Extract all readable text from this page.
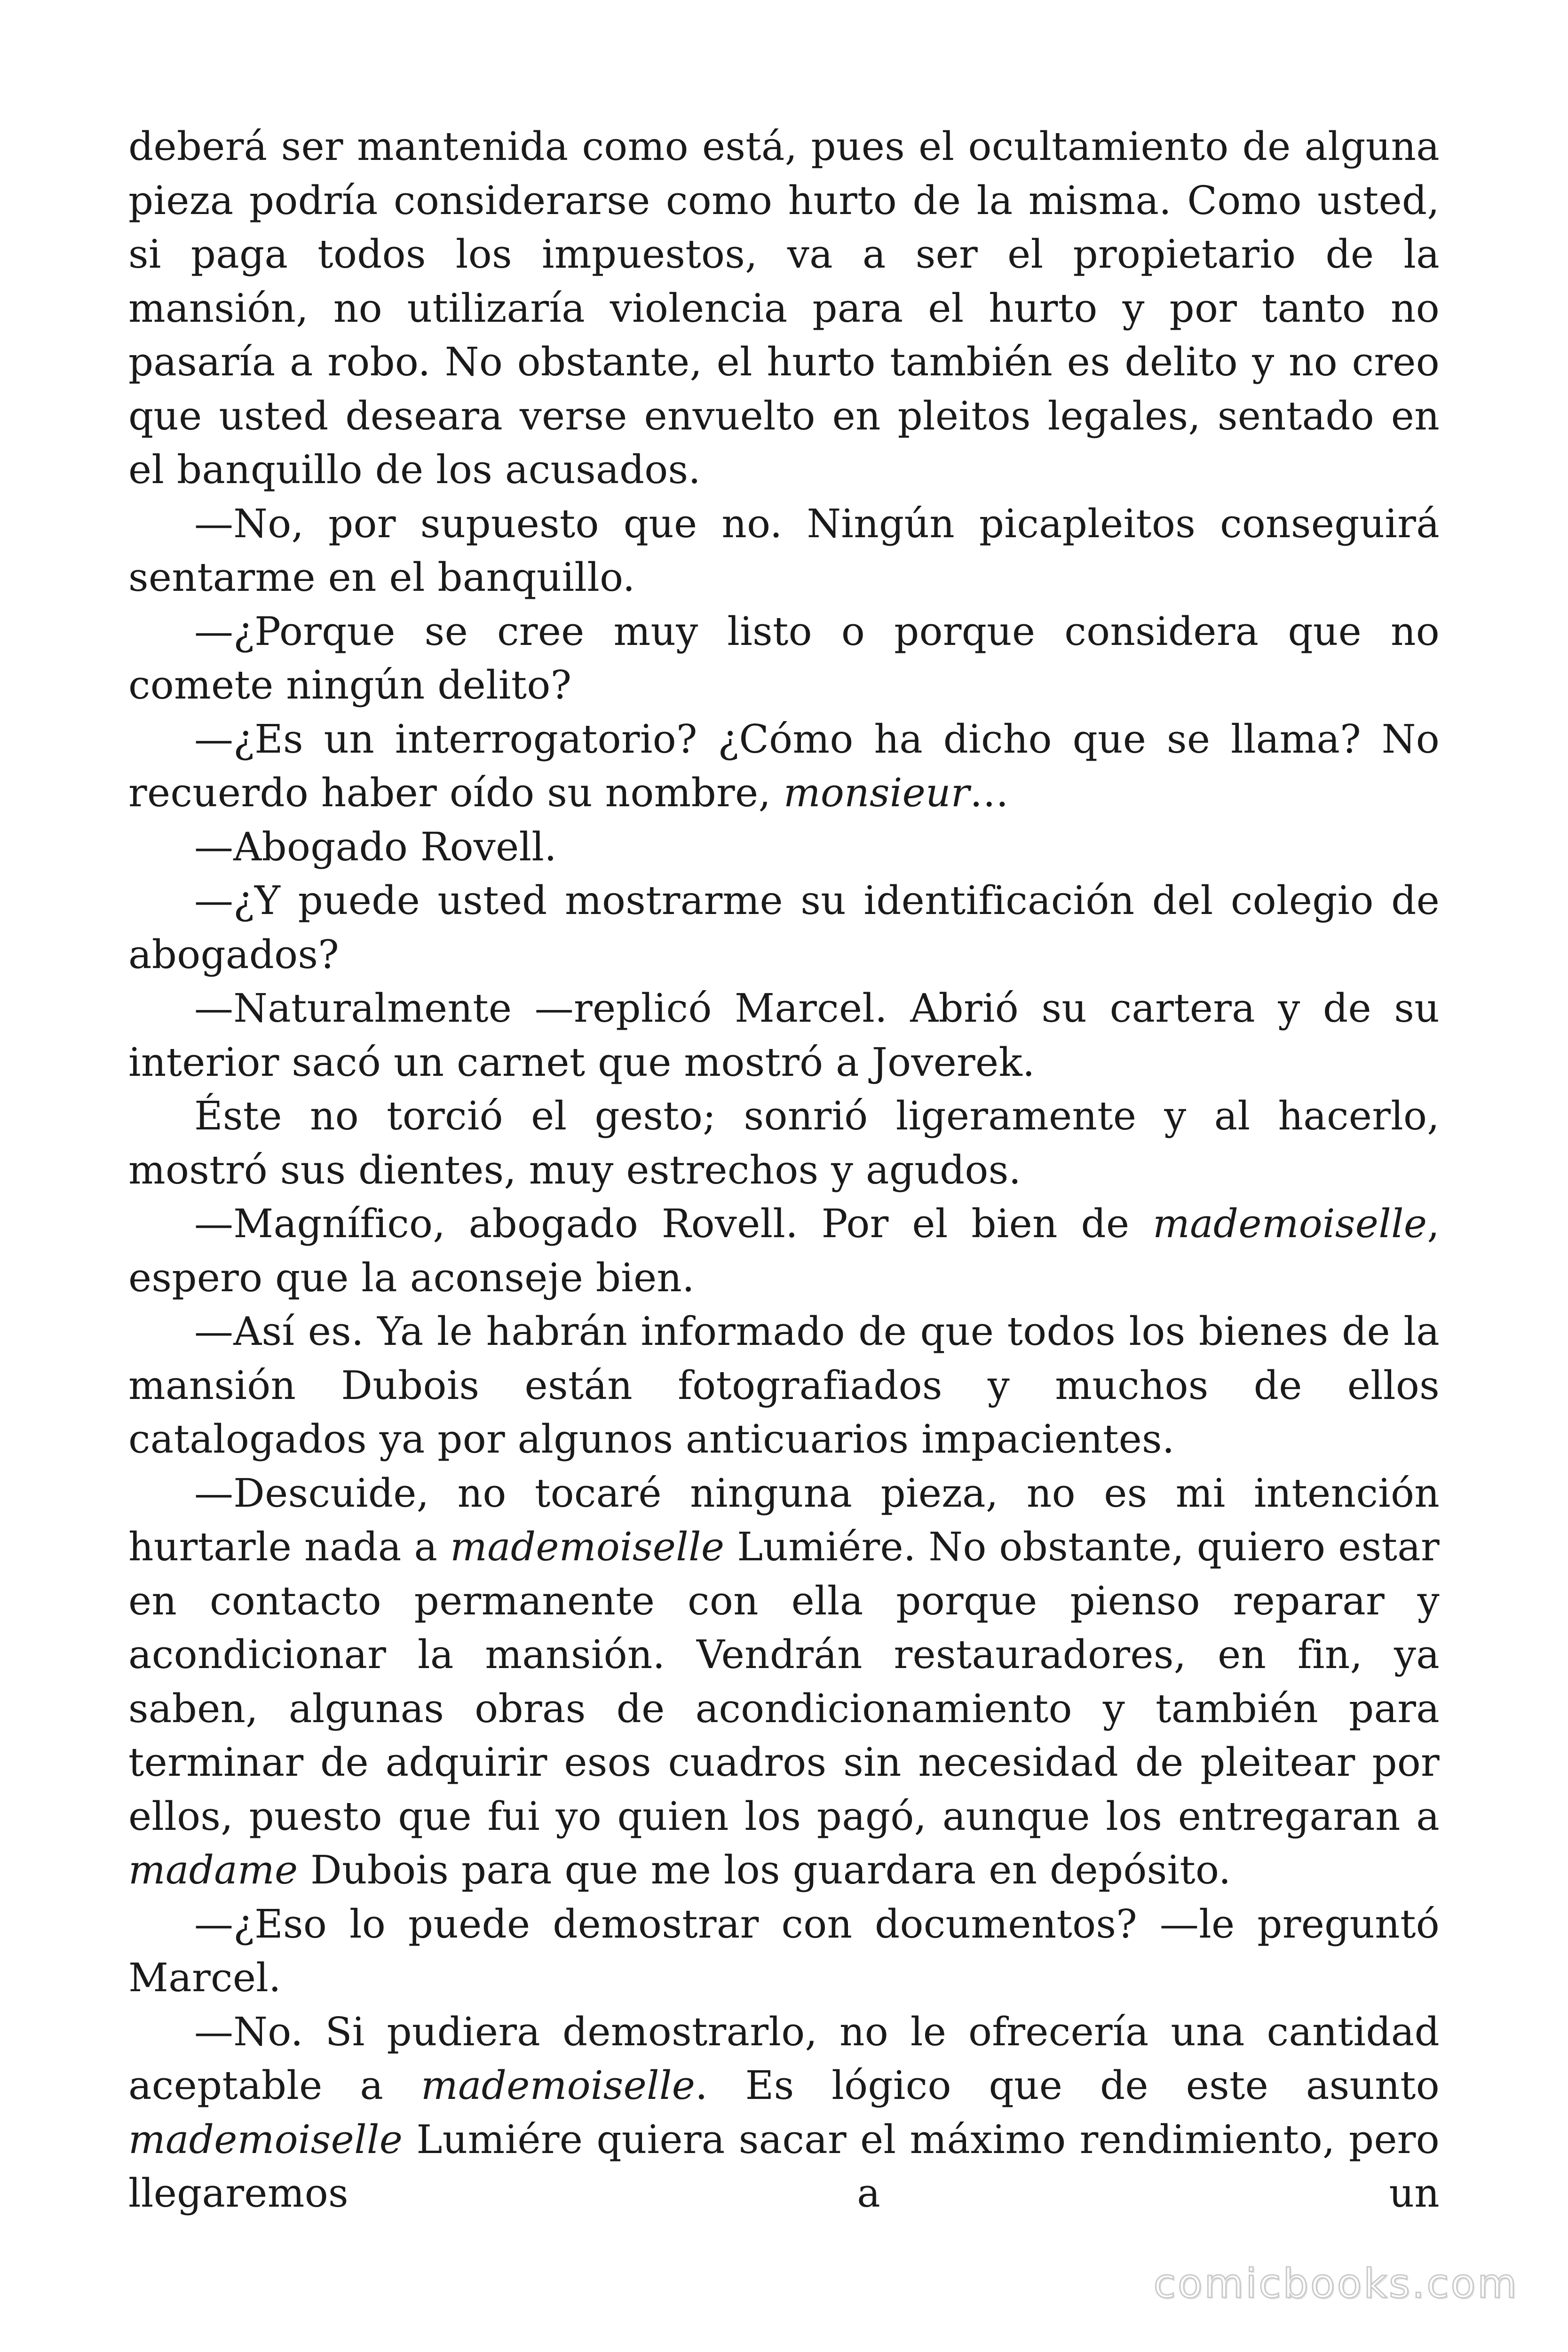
deberá ser mantenida como está, pues el ocultamiento de alguna pieza podría considerarse como hurto de la misma. Como usted, si paga todos los impuestos, va a ser el propietario de la mansión, no utilizaría violencia para el hurto y por tanto no pasaría a robo. No obstante, el hurto también es delito y no creo que usted deseara verse envuelto en pleitos legales, sentado en el banquillo de los acusados.

—No, por supuesto que no. Ningún picapleitos conseguirá sentarme en el banquillo.

—¿Porque se cree muy listo o porque considera que no comete ningún delito?

—¿Es un interrogatorio? ¿Cómo ha dicho que se llama? No recuerdo haber oído su nombre, monsieur…

—Abogado Rovell.

—¿Y puede usted mostrarme su identificación del colegio de abogados?

—Naturalmente —replicó Marcel. Abrió su cartera y de su interior sacó un carnet que mostró a Joverek.

Éste no torció el gesto; sonrió ligeramente y al hacerlo, mostró sus dientes, muy estrechos y agudos.

—Magnífico, abogado Rovell. Por el bien de mademoiselle, espero que la aconseje bien.

—Así es. Ya le habrán informado de que todos los bienes de la mansión Dubois están fotografiados y muchos de ellos catalogados ya por algunos anticuarios impacientes.

—Descuide, no tocaré ninguna pieza, no es mi intención hurtarle nada a mademoiselle Lumiére. No obstante, quiero estar en contacto permanente con ella porque pienso reparar y acondicionar la mansión. Vendrán restauradores, en fin, ya saben, algunas obras de acondicionamiento y también para terminar de adquirir esos cuadros sin necesidad de pleitear por ellos, puesto que fui yo quien los pagó, aunque los entregaran a madame Dubois para que me los guardara en depósito.

—¿Eso lo puede demostrar con documentos? —le preguntó Marcel.

—No. Si pudiera demostrarlo, no le ofrecería una cantidad aceptable a mademoiselle. Es lógico que de este asunto mademoiselle Lumiére quiera sacar el máximo rendimiento, pero llegaremos a un

comicbooks.com
